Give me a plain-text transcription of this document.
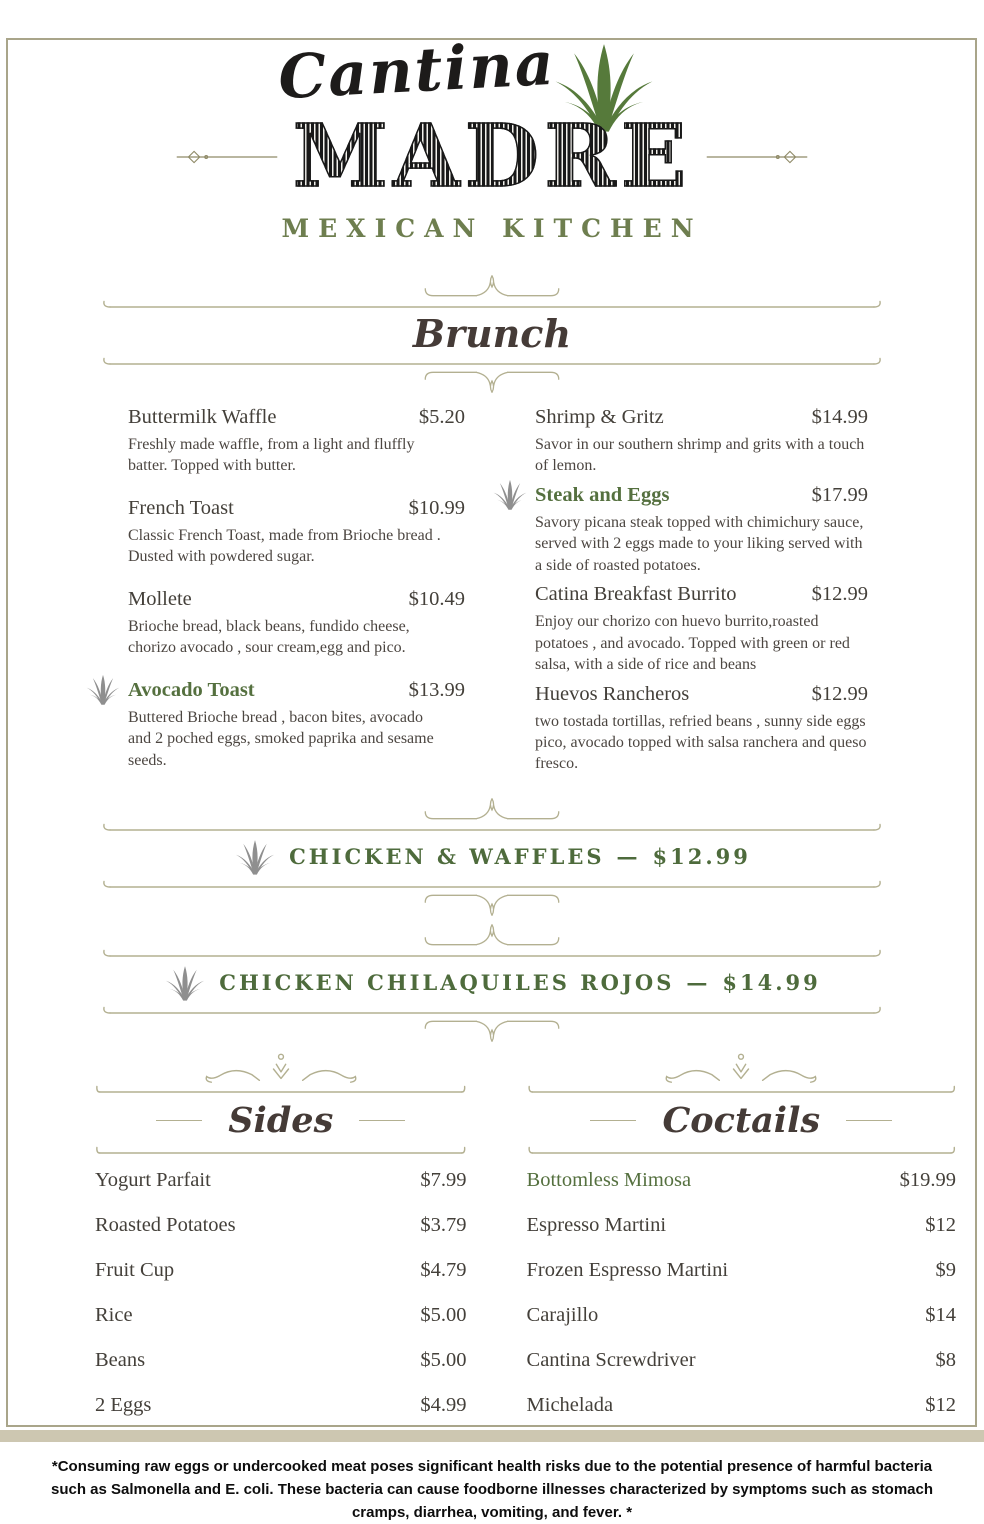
Cantina
MADRE
MEXICAN KITCHEN
Brunch
Buttermilk Waffle	$5.20

Freshly made waffle, from a light and fluffly batter. Topped with butter.

French Toast	$10.99

Classic French Toast, made from Brioche bread . Dusted with powdered sugar.

Mollete	$10.49

Brioche bread, black beans, fundido cheese, chorizo avocado , sour cream,egg and pico.

Avocado Toast	$13.99

Buttered Brioche bread , bacon bites, avocado and 2 poched eggs, smoked paprika and sesame seeds.

Shrimp & Gritz	$14.99

Savor in our southern shrimp and grits with a touch of lemon.

Steak and Eggs	$17.99

Savory picana steak topped with chimichury sauce, served with 2 eggs made to your liking served with a side of roasted potatoes.

Catina Breakfast Burrito	$12.99

Enjoy our chorizo con huevo burrito,roasted potatoes , and avocado. Topped with green or red salsa, with a side of rice and beans

Huevos Rancheros	$12.99

two tostada tortillas, refried beans , sunny side eggs pico, avocado topped with salsa ranchera and queso fresco.

CHICKEN & WAFFLES — $12.99
CHICKEN CHILAQUILES ROJOS — $14.99
Sides
Yogurt Parfait	$7.99
Roasted Potatoes	$3.79
Fruit Cup	$4.79
Rice	$5.00
Beans	$5.00
2 Eggs	$4.99
Coctails
Bottomless Mimosa	$19.99
Espresso Martini	$12
Frozen Espresso Martini	$9
Carajillo	$14
Cantina Screwdriver	$8
Michelada	$12
*Consuming raw eggs or undercooked meat poses significant health risks due to the potential presence of harmful bacteria such as Salmonella and E. coli. These bacteria can cause foodborne illnesses characterized by symptoms such as stomach cramps, diarrhea, vomiting, and fever. *
